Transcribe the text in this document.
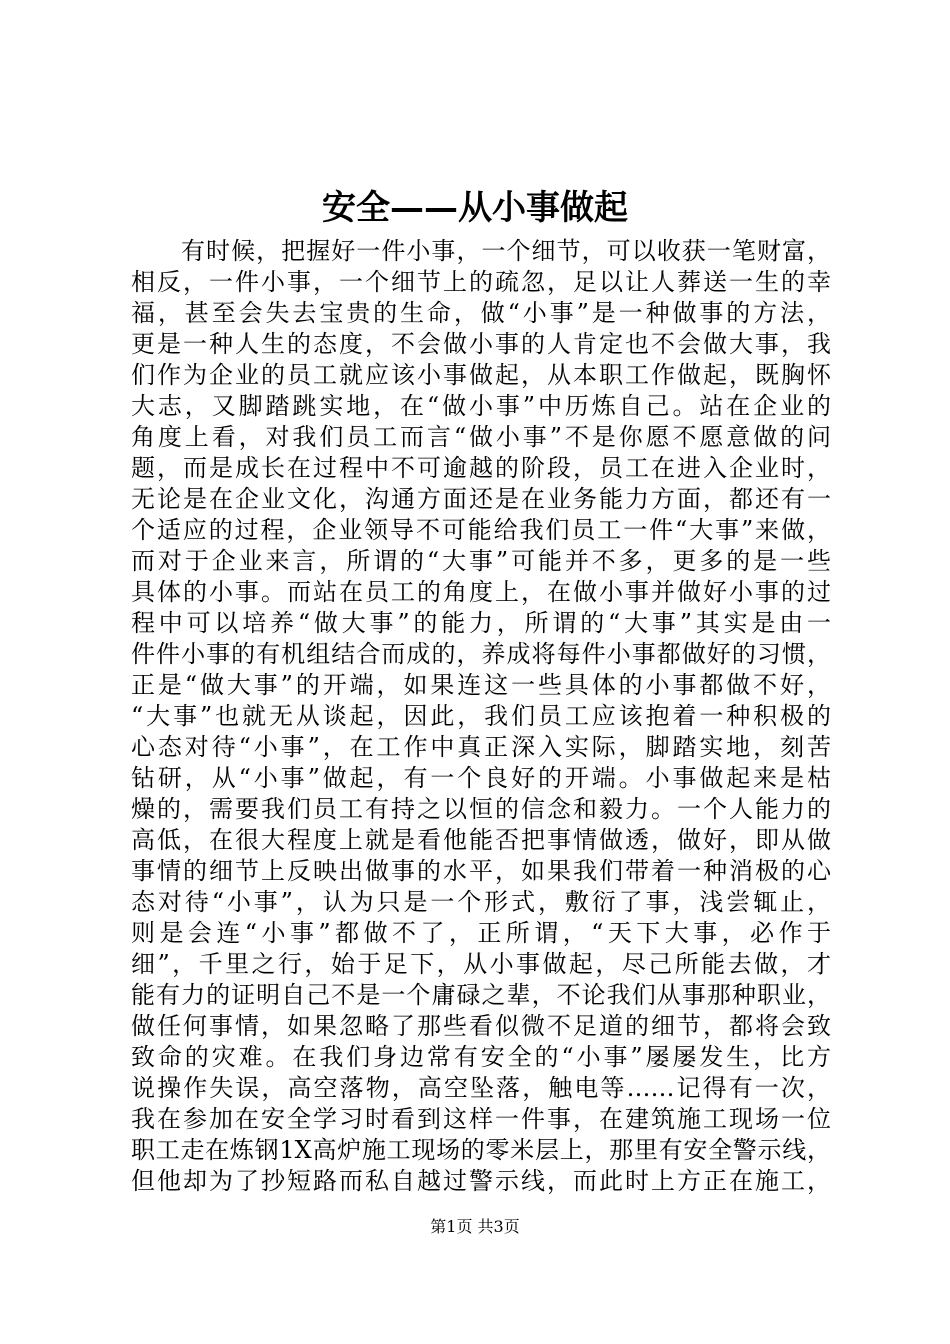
安全——从小事做起
有时候，把握好一件小事，一个细节，可以收获一笔财富，
相反，一件小事，一个细节上的疏忽，足以让人葬送一生的幸
福，甚至会失去宝贵的生命，做“小事”是一种做事的方法，
更是一种人生的态度，不会做小事的人肯定也不会做大事，我
们作为企业的员工就应该小事做起，从本职工作做起，既胸怀
大志，又脚踏跳实地，在“做小事”中历炼自己。站在企业的
角度上看，对我们员工而言“做小事”不是你愿不愿意做的问
题，而是成长在过程中不可逾越的阶段，员工在进入企业时，
无论是在企业文化，沟通方面还是在业务能力方面，都还有一
个适应的过程，企业领导不可能给我们员工一件“大事”来做，
而对于企业来言，所谓的“大事”可能并不多，更多的是一些
具体的小事。而站在员工的角度上，在做小事并做好小事的过
程中可以培养“做大事”的能力，所谓的“大事”其实是由一
件件小事的有机组结合而成的，养成将每件小事都做好的习惯，
正是“做大事”的开端，如果连这一些具体的小事都做不好，
“大事”也就无从谈起，因此，我们员工应该抱着一种积极的
心态对待“小事”，在工作中真正深入实际，脚踏实地，刻苦
钻研，从“小事”做起，有一个良好的开端。小事做起来是枯
燥的，需要我们员工有持之以恒的信念和毅力。一个人能力的
高低，在很大程度上就是看他能否把事情做透，做好，即从做
事情的细节上反映出做事的水平，如果我们带着一种消极的心
态对待“小事”，认为只是一个形式，敷衍了事，浅尝辄止，
则是会连“小事”都做不了，正所谓，“天下大事，必作于
细”，千里之行，始于足下，从小事做起，尽己所能去做，才
能有力的证明自己不是一个庸碌之辈，不论我们从事那种职业，
做任何事情，如果忽略了那些看似微不足道的细节，都将会致
致命的灾难。在我们身边常有安全的“小事”屡屡发生，比方
说操作失误，高空落物，高空坠落，触电等……记得有一次，
我在参加在安全学习时看到这样一件事，在建筑施工现场一位
职工走在炼钢1X高炉施工现场的零米层上，那里有安全警示线，
但他却为了抄短路而私自越过警示线，而此时上方正在施工，
第1页 共3页
